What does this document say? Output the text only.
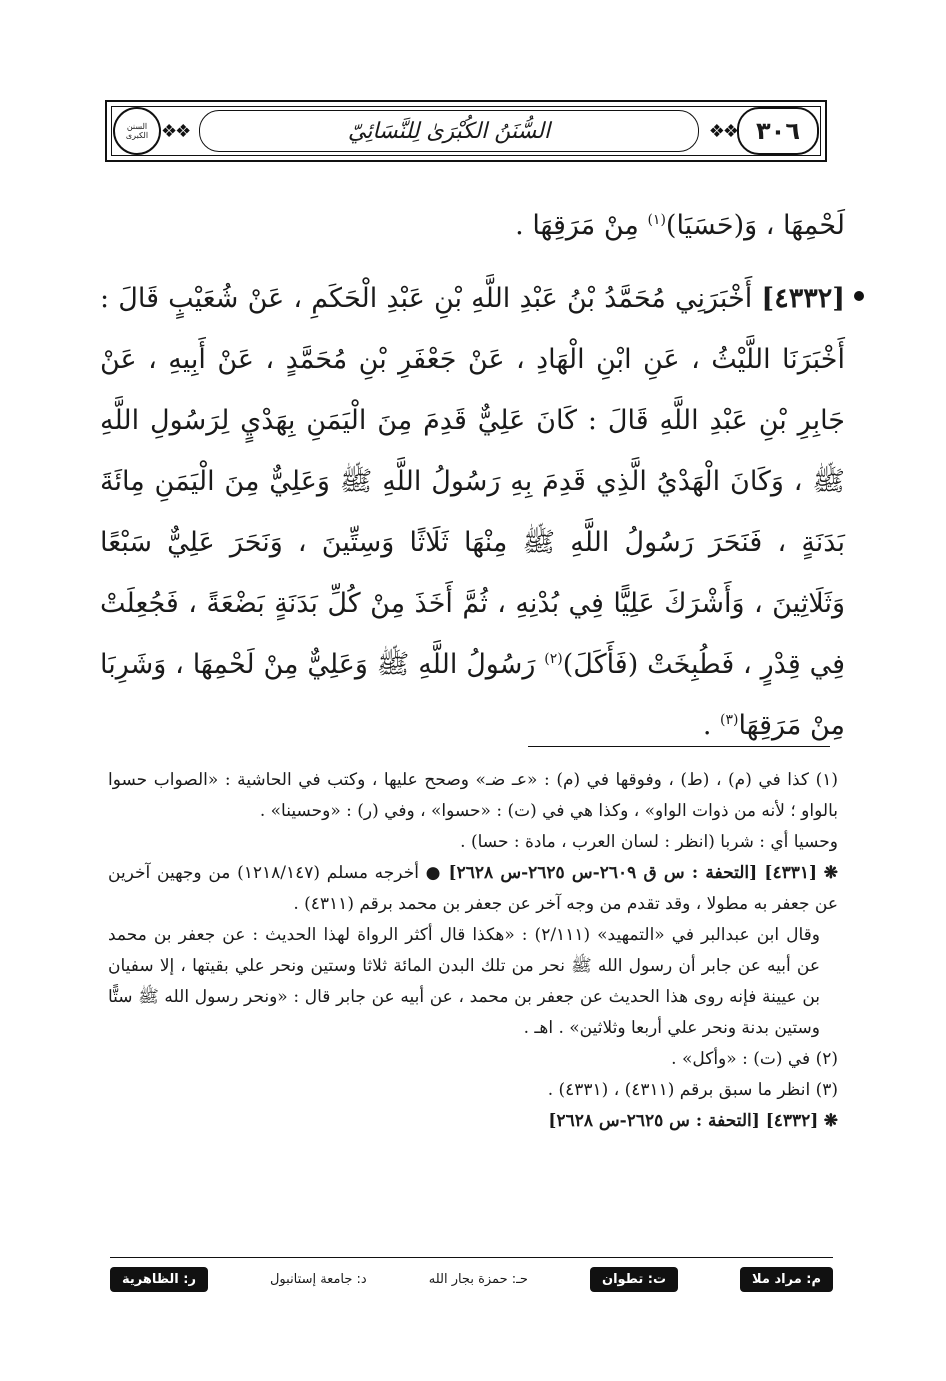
السنن الكبرى ❖❖	السُّنَنُ الكُبْرَىٰ لِلنَّسَائِيّ	❖❖ ٣٠٦
لَحْمِهَا ، وَ(حَسَيَا)$^{(١)}$ مِنْ مَرَقِهَا .
[٤٣٣٢] أَخْبَرَنِي مُحَمَّدُ بْنُ عَبْدِ اللَّهِ بْنِ عَبْدِ الْحَكَمِ ، عَنْ شُعَيْبٍ قَالَ : أَخْبَرَنَا اللَّيْثُ ، عَنِ ابْنِ الْهَادِ ، عَنْ جَعْفَرِ بْنِ مُحَمَّدٍ ، عَنْ أَبِيهِ ، عَنْ جَابِرِ بْنِ عَبْدِ اللَّهِ قَالَ : كَانَ عَلِيٌّ قَدِمَ مِنَ الْيَمَنِ بِهَدْيٍ لِرَسُولِ اللَّهِ ﷺ ، وَكَانَ الْهَدْيُ الَّذِي قَدِمَ بِهِ رَسُولُ اللَّهِ ﷺ وَعَلِيٌّ مِنَ الْيَمَنِ مِائَةَ بَدَنَةٍ ، فَنَحَرَ رَسُولُ اللَّهِ ﷺ مِنْهَا ثَلَاثًا وَسِتِّينَ ، وَنَحَرَ عَلِيٌّ سَبْعًا وَثَلَاثِينَ ، وَأَشْرَكَ عَلِيًّا فِي بُدْنِهِ ، ثُمَّ أَخَذَ مِنْ كُلِّ بَدَنَةٍ بَضْعَةً ، فَجُعِلَتْ فِي قِدْرٍ ، فَطُبِخَتْ (فَأَكَلَ)$^{(٢)}$ رَسُولُ اللَّهِ ﷺ وَعَلِيٌّ مِنْ لَحْمِهَا ، وَشَرِبَا مِنْ مَرَقِهَا$^{(٣)}$ .

(١) كذا في (م) ، (ط) ، وفوقها في (م) : «عـ ضـ» وصحح عليها ، وكتب في الحاشية : «الصواب حسوا بالواو ؛ لأنه من ذوات الواو» ، وكذا هي في (ت) : «حسوا» ، وفي (ر) : «وحسينا» .

وحسيا أي : شربا (انظر : لسان العرب ، مادة : حسا) .

❋ [٤٣٣١] [التحفة : س ق ٢٦٠٩-س ٢٦٢٥-س ٢٦٢٨] ● أخرجه مسلم (١٢١٨/١٤٧) من وجهين آخرين عن جعفر به مطولا ، وقد تقدم من وجه آخر عن جعفر بن محمد برقم (٤٣١١) .

وقال ابن عبدالبر في «التمهيد» (٢/١١١) : «هكذا قال أكثر الرواة لهذا الحديث : عن جعفر بن محمد عن أبيه عن جابر أن رسول الله ﷺ نحر من تلك البدن المائة ثلاثا وستين ونحر علي بقيتها ، إلا سفيان بن عيينة فإنه روى هذا الحديث عن جعفر بن محمد ، عن أبيه عن جابر قال : «ونحر رسول الله ﷺ ستًّا وستين بدنة ونحر علي أربعا وثلاثين» . اهـ .

(٢) في (ت) : «وأكل» .

(٣) انظر ما سبق برقم (٤٣١١) ، (٤٣٣١) .

❋ [٤٣٣٢] [التحفة : س ٢٦٢٥-س ٢٦٢٨]

م: مراد ملا
ت: تطوان
حـ: حمزة بجار الله
د: جامعة إستانبول
ر: الظاهرية
